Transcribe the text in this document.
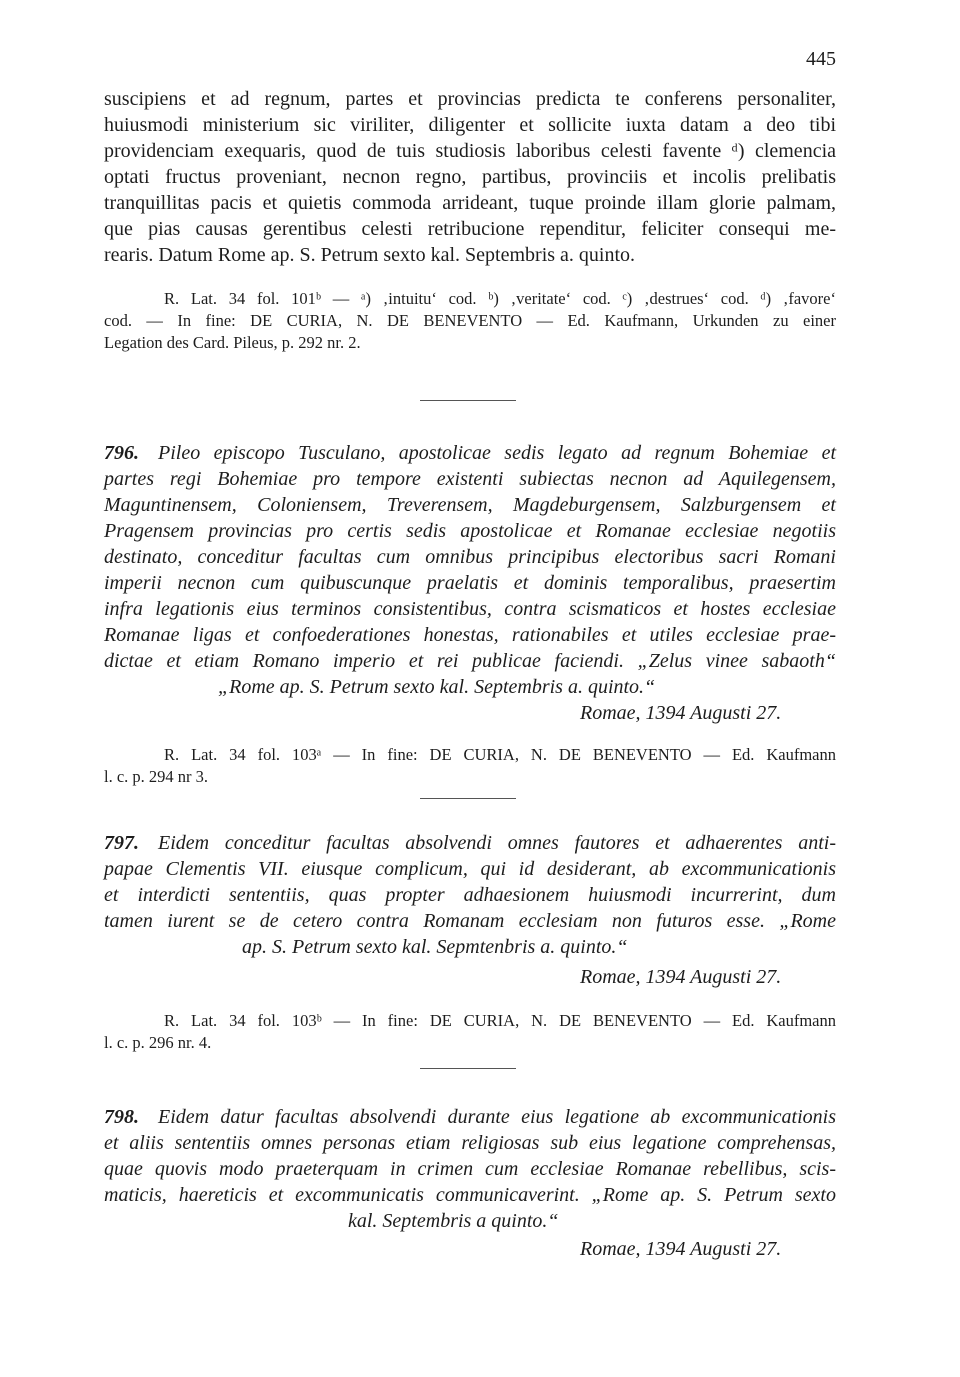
445
suscipiens et ad regnum, partes et provincias predicta te conferens personaliter,
huiusmodi ministerium sic viriliter, diligenter et sollicite iuxta datam a deo tibi
providenciam exequaris, quod de tuis studiosis laboribus celesti favente ᵈ) clemencia
optati fructus proveniant, necnon regno, partibus, provinciis et incolis prelibatis
tranquillitas pacis et quietis commoda arrideant, tuque proinde illam glorie palmam,
que pias causas gerentibus celesti retribucione rependitur, feliciter consequi me-
rearis. Datum Rome ap. S. Petrum sexto kal. Septembris a. quinto.
R. Lat. 34 fol. 101ᵇ — ᵃ) ‚intuitu‘ cod. ᵇ) ‚veritate‘ cod. ᶜ) ‚destrues‘ cod. ᵈ) ‚favore‘
cod. — In fine: DE CURIA, N. DE BENEVENTO — Ed. Kaufmann, Urkunden zu einer
Legation des Card. Pileus, p. 292 nr. 2.
796. Pileo episcopo Tusculano, apostolicae sedis legato ad regnum Bohemiae et
partes regi Bohemiae pro tempore existenti subiectas necnon ad Aquilegensem,
Maguntinensem, Coloniensem, Treverensem, Magdeburgensem, Salzburgensem et
Pragensem provincias pro certis sedis apostolicae et Romanae ecclesiae negotiis
destinato, conceditur facultas cum omnibus principibus electoribus sacri Romani
imperii necnon cum quibuscunque praelatis et dominis temporalibus, praesertim
infra legationis eius terminos consistentibus, contra scismaticos et hostes ecclesiae
Romanae ligas et confoederationes honestas, rationabiles et utiles ecclesiae prae-
dictae et etiam Romano imperio et rei publicae faciendi. „Zelus vinee sabaoth“
„Rome ap. S. Petrum sexto kal. Septembris a. quinto.“
Romae, 1394 Augusti 27.
R. Lat. 34 fol. 103ᵃ — In fine: DE CURIA, N. DE BENEVENTO — Ed. Kaufmann
l. c. p. 294 nr 3.
797. Eidem conceditur facultas absolvendi omnes fautores et adhaerentes anti-
papae Clementis VII. eiusque complicum, qui id desiderant, ab excommunicationis
et interdicti sententiis, quas propter adhaesionem huiusmodi incurrerint, dum
tamen iurent se de cetero contra Romanam ecclesiam non futuros esse. „Rome
ap. S. Petrum sexto kal. Sepmtenbris a. quinto.“
Romae, 1394 Augusti 27.
R. Lat. 34 fol. 103ᵇ — In fine: DE CURIA, N. DE BENEVENTO — Ed. Kaufmann
l. c. p. 296 nr. 4.
798. Eidem datur facultas absolvendi durante eius legatione ab excommunicationis
et aliis sententiis omnes personas etiam religiosas sub eius legatione comprehensas,
quae quovis modo praeterquam in crimen cum ecclesiae Romanae rebellibus, scis-
maticis, haereticis et excommunicatis communicaverint. „Rome ap. S. Petrum sexto
kal. Septembris a quinto.“
Romae, 1394 Augusti 27.
